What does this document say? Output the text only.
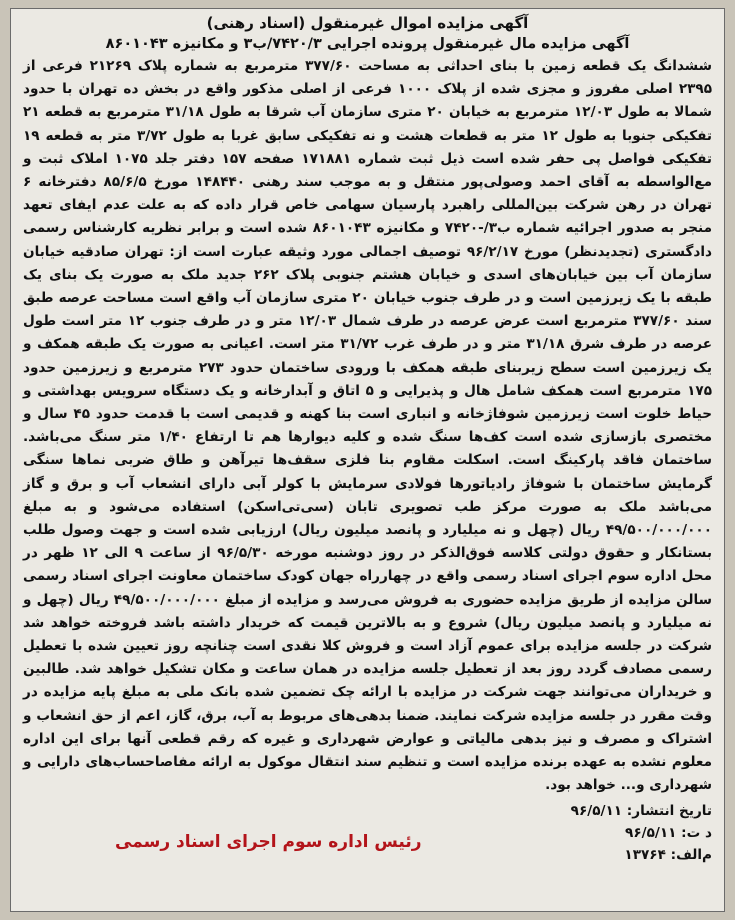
آگهی مزایده اموال غیرمنقول (اسناد رهنی)

آگهی مزایده مال غیرمنقول پرونده اجرایی ۷۴۲۰/۳/ب۳ و مکانیزه ۸۶۰۱۰۴۳

ششدانگ یک قطعه زمین با بنای احداثی به مساحت ۳۷۷/۶۰ مترمربع به شماره پلاک ۲۱۲۶۹ فرعی از ۲۳۹۵ اصلی مفروز و مجزی شده از پلاک ۱۰۰۰ فرعی از اصلی مذکور واقع در بخش ده تهران با حدود شمالا به طول ۱۲/۰۳ مترمربع به خیابان ۲۰ متری سازمان آب شرقا به طول ۳۱/۱۸ مترمربع به قطعه ۲۱ تفکیکی جنوبا به طول ۱۲ متر به قطعات هشت و نه تفکیکی سابق غربا به طول ۳/۷۲ متر به قطعه ۱۹ تفکیکی فواصل پی حفر شده است ذیل ثبت شماره ۱۷۱۸۸۱ صفحه ۱۵۷ دفتر جلد ۱۰۷۵ املاک ثبت و مع‌الواسطه به آقای احمد وصولی‌پور منتقل و به موجب سند رهنی ۱۴۸۴۴۰ مورخ ۸۵/۶/۵ دفترخانه ۶ تهران در رهن شرکت بین‌المللی راهبرد پارسیان سهامی خاص قرار داده که به علت عدم ایفای تعهد منجر به صدور اجرائیه شماره ب۳/-۷۴۲۰ و مکانیزه ۸۶۰۱۰۴۳ شده است و برابر نظریه کارشناس رسمی دادگستری (تجدیدنظر) مورخ ۹۶/۲/۱۷ توصیف اجمالی مورد وثیقه عبارت است از: تهران صادقیه خیابان سازمان آب بین خیابان‌های اسدی و خیابان هشتم جنوبی پلاک ۲۶۲ جدید ملک به صورت یک بنای یک طبقه با یک زیرزمین است و در طرف جنوب خیابان ۲۰ متری سازمان آب واقع است مساحت عرصه طبق سند ۳۷۷/۶۰ مترمربع است عرض عرصه در طرف شمال ۱۲/۰۳ متر و در طرف جنوب ۱۲ متر است طول عرصه در طرف شرق ۳۱/۱۸ متر و در طرف غرب ۳۱/۷۲ متر است. اعیانی به صورت یک طبقه همکف و یک زیرزمین است سطح زیربنای طبقه همکف با ورودی ساختمان حدود ۲۷۳ مترمربع و زیرزمین حدود ۱۷۵ مترمربع است همکف شامل هال و پذیرایی و ۵ اتاق و آبدارخانه و یک دستگاه سرویس بهداشتی و حیاط خلوت است زیرزمین شوفاژخانه و انباری است بنا کهنه و قدیمی است با قدمت حدود ۴۵ سال و مختصری بازسازی شده است کف‌ها سنگ شده و کلیه دیوارها هم تا ارتفاع ۱/۴۰ متر سنگ می‌باشد. ساختمان فاقد پارکینگ است. اسکلت مقاوم بنا فلزی سقف‌ها تیرآهن و طاق ضربی نماها سنگی گرمایش ساختمان با شوفاژ رادیاتورها فولادی سرمایش با کولر آبی دارای انشعاب آب و برق و گاز می‌باشد ملک به صورت مرکز طب تصویری تابان (سی‌تی‌اسکن) استفاده می‌شود و به مبلغ ۴۹/۵۰۰/۰۰۰/۰۰۰ ریال (چهل و نه میلیارد و پانصد میلیون ریال) ارزیابی شده است و جهت وصول طلب بستانکار و حقوق دولتی کلاسه فوق‌الذکر در روز دوشنبه مورخه ۹۶/۵/۳۰ از ساعت ۹ الی ۱۲ ظهر در محل اداره سوم اجرای اسناد رسمی واقع در چهارراه جهان کودک ساختمان معاونت اجرای اسناد رسمی سالن مزایده از طریق مزایده حضوری به فروش می‌رسد و مزایده از مبلغ ۴۹/۵۰۰/۰۰۰/۰۰۰ ریال (چهل و نه میلیارد و پانصد میلیون ریال) شروع و به بالاترین قیمت که خریدار داشته باشد فروخته خواهد شد شرکت در جلسه مزایده برای عموم آزاد است و فروش کلا نقدی است چنانچه روز تعیین شده با تعطیل رسمی مصادف گردد روز بعد از تعطیل جلسه مزایده در همان ساعت و مکان تشکیل خواهد شد. طالبین و خریداران می‌توانند جهت شرکت در مزایده با ارائه چک تضمین شده بانک ملی به مبلغ پایه مزایده در وقت مقرر در جلسه مزایده شرکت نمایند. ضمنا بدهی‌های مربوط به آب، برق، گاز، اعم از حق انشعاب و اشتراک و مصرف و نیز بدهی مالیاتی و عوارض شهرداری و غیره که رقم قطعی آنها برای این اداره معلوم نشده به عهده برنده مزایده است و تنظیم سند انتقال موکول به ارائه مفاصاحساب‌های دارایی و شهرداری و... خواهد بود.

تاریخ انتشار: ۹۶/۵/۱۱
د ت: ۹۶/۵/۱۱
م‌الف: ۱۳۷۶۴
رئیس اداره سوم اجرای اسناد رسمی
